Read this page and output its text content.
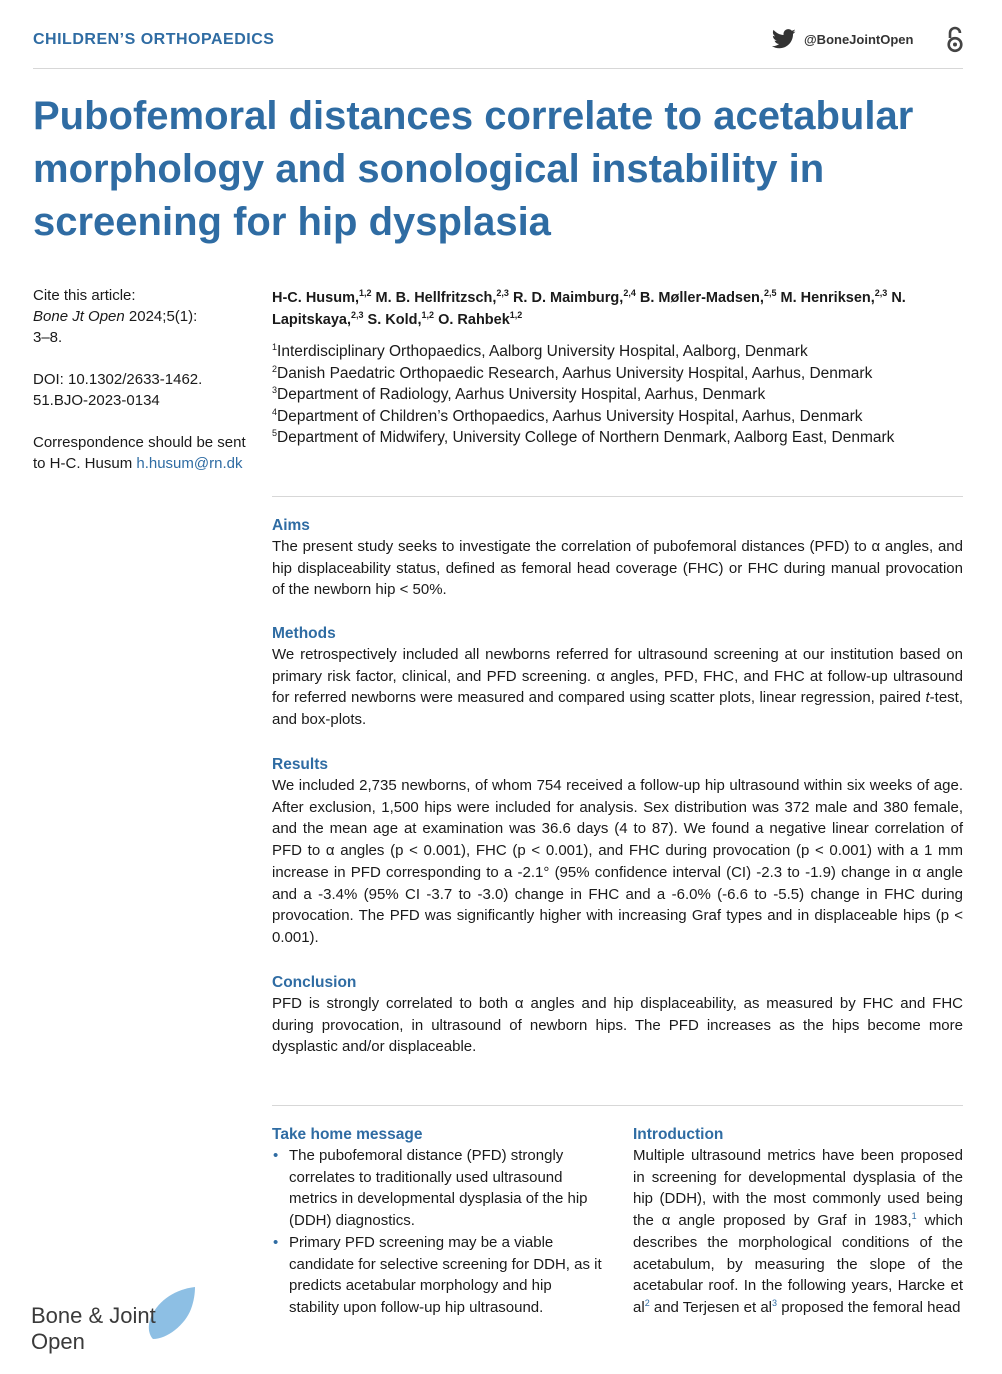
CHILDREN’S ORTHOPAEDICS	@BoneJointOpen
Pubofemoral distances correlate to acetabular morphology and sonological instability in screening for hip dysplasia

Cite this article:
Bone Jt Open 2024;5(1):
3–8.

DOI: 10.1302/2633-1462.
51.BJO-2023-0134

Correspondence should be sent to H-C. Husum h.husum@rn.dk

H-C. Husum,$^{1,2}$ M. B. Hellfritzsch,$^{2,3}$ R. D. Maimburg,$^{2,4}$ B. Møller-Madsen,$^{2,5}$ M. Henriksen,$^{2,3}$ N. Lapitskaya,$^{2,3}$ S. Kold,$^{1,2}$ O. Rahbek$^{1,2}$

$^1$Interdisciplinary Orthopaedics, Aalborg University Hospital, Aalborg, Denmark
$^2$Danish Paedatric Orthopaedic Research, Aarhus University Hospital, Aarhus, Denmark
$^3$Department of Radiology, Aarhus University Hospital, Aarhus, Denmark
$^4$Department of Children’s Orthopaedics, Aarhus University Hospital, Aarhus, Denmark
$^5$Department of Midwifery, University College of Northern Denmark, Aalborg East, Denmark
Aims

The present study seeks to investigate the correlation of pubofemoral distances (PFD) to α angles, and hip displaceability status, defined as femoral head coverage (FHC) or FHC during manual provocation of the newborn hip < 50%.

Methods

We retrospectively included all newborns referred for ultrasound screening at our institution based on primary risk factor, clinical, and PFD screening. α angles, PFD, FHC, and FHC at follow-up ultrasound for referred newborns were measured and compared using scatter plots, linear regression, paired t-test, and box-plots.

Results

We included 2,735 newborns, of whom 754 received a follow-up hip ultrasound within six weeks of age. After exclusion, 1,500 hips were included for analysis. Sex distribution was 372 male and 380 female, and the mean age at examination was 36.6 days (4 to 87). We found a negative linear correlation of PFD to α angles (p < 0.001), FHC (p < 0.001), and FHC during provocation (p < 0.001) with a 1 mm increase in PFD corresponding to a -2.1° (95% confidence interval (CI) -2.3 to -1.9) change in α angle and a -3.4% (95% CI -3.7 to -3.0) change in FHC and a -6.0% (-6.6 to -5.5) change in FHC during provocation. The PFD was significantly higher with increasing Graf types and in displaceable hips (p < 0.001).

Conclusion

PFD is strongly correlated to both α angles and hip displaceability, as measured by FHC and FHC during provocation, in ultrasound of newborn hips. The PFD increases as the hips become more dysplastic and/or displaceable.

Take home message
• The pubofemoral distance (PFD) strongly correlates to traditionally used ultrasound metrics in developmental dysplasia of the hip (DDH) diagnostics.
• Primary PFD screening may be a viable candidate for selective screening for DDH, as it predicts acetabular morphology and hip stability upon follow-up hip ultrasound.
Introduction

Multiple ultrasound metrics have been proposed in screening for developmental dysplasia of the hip (DDH), with the most commonly used being the α angle proposed by Graf in 1983,$^1$ which describes the morphological conditions of the acetabulum, by measuring the slope of the acetabular roof. In the following years, Harcke et al$^2$ and Terjesen et al$^3$ proposed the femoral head

Bone & Joint
Open
